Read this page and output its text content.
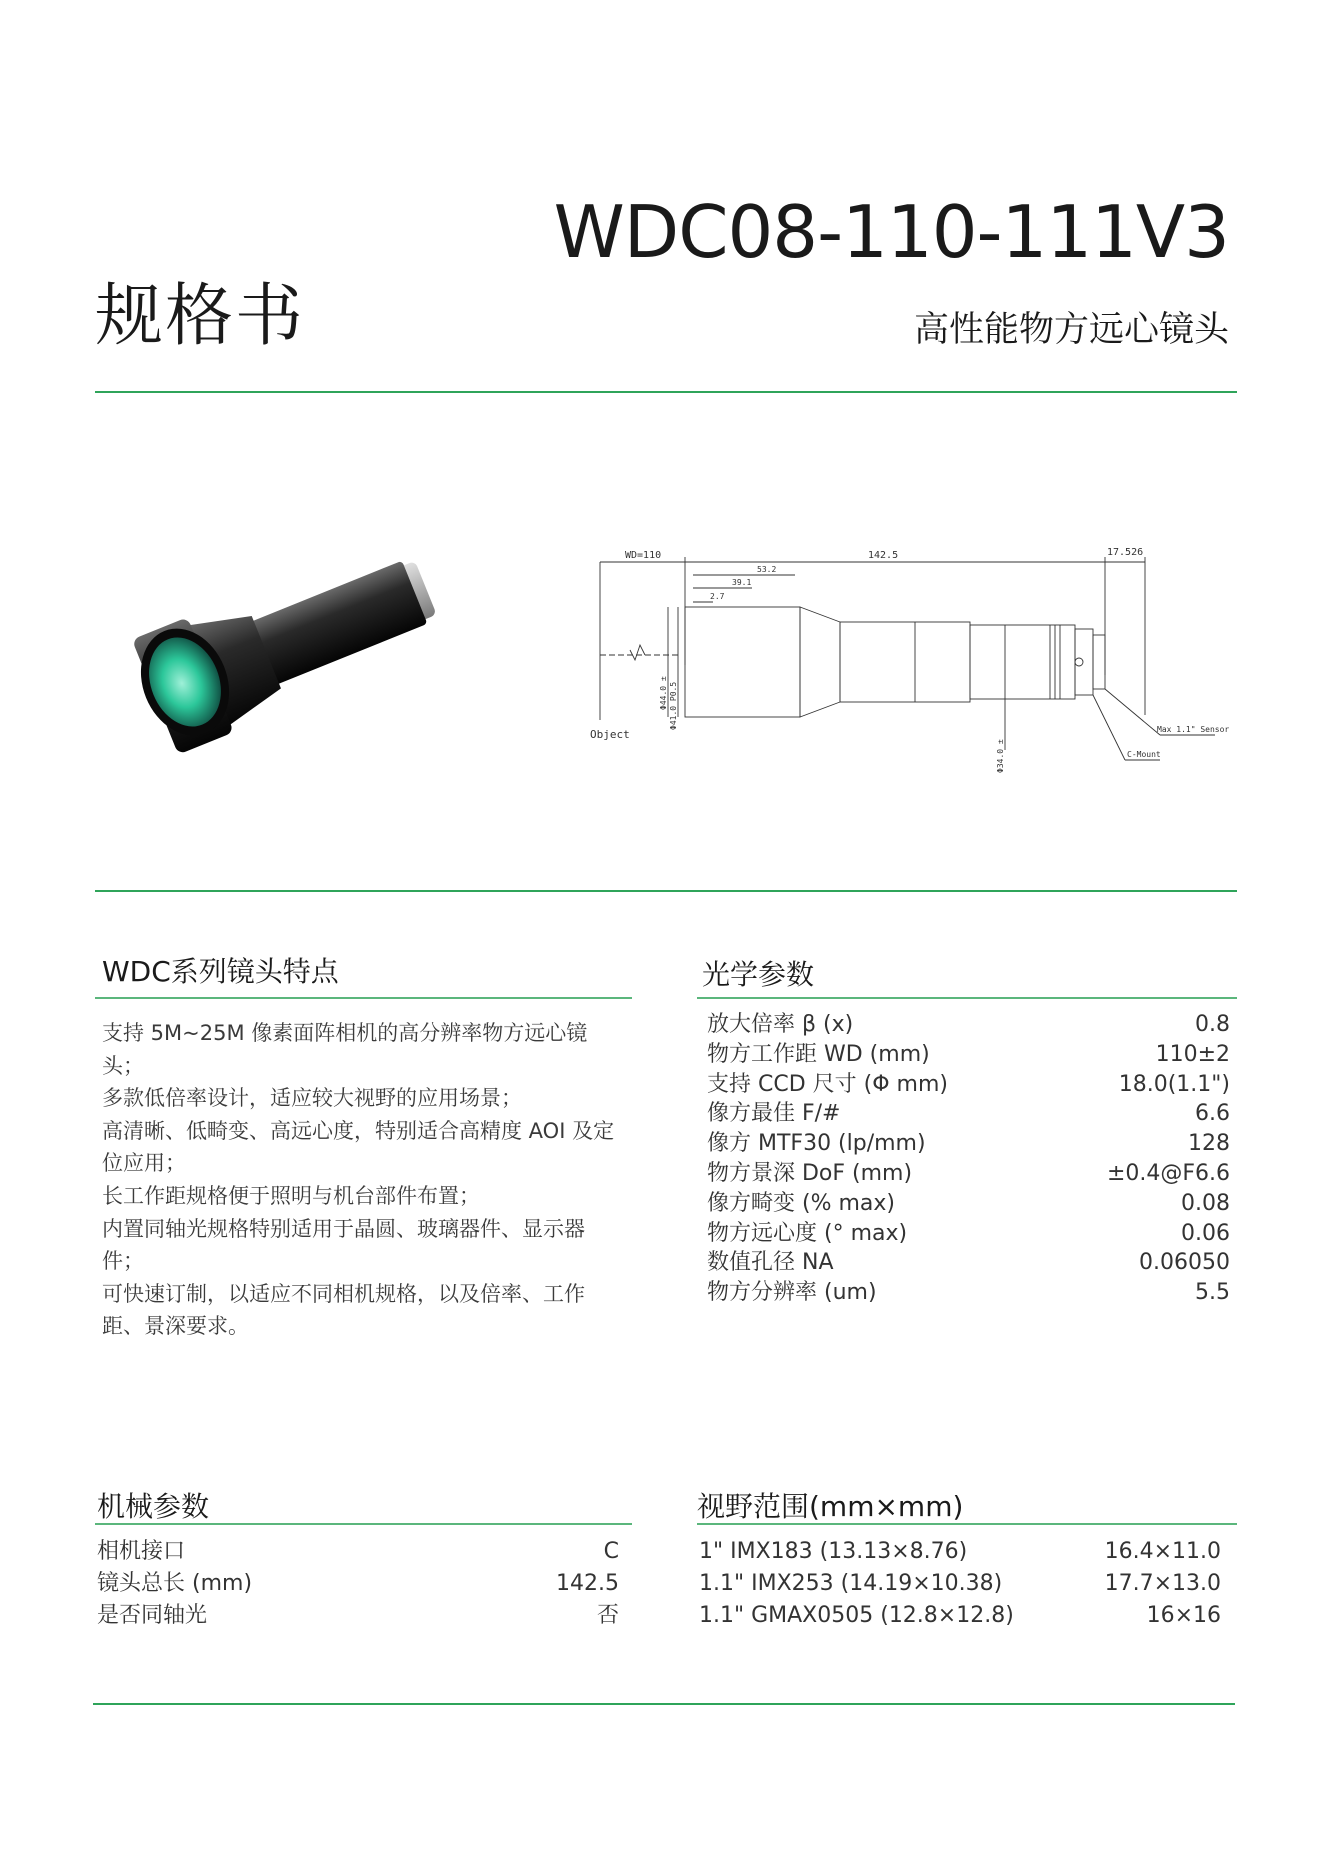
规格书
WDC08-110-111V3
高性能物方远心镜头
WD=110	142.5	17.526
53.2
39.1
2.7
Object	Max 1.1" Sensor
C-Mount
Φ44.0 ± Φ41.0 P0.5
Φ34.0 ±
WDC系列镜头特点
支持 5M~25M 像素面阵相机的高分辨率物方远心镜头；
多款低倍率设计，适应较大视野的应用场景；
高清晰、低畸变、高远心度，特别适合高精度 AOI 及定位应用；
长工作距规格便于照明与机台部件布置；
内置同轴光规格特别适用于晶圆、玻璃器件、显示器件；
可快速订制，以适应不同相机规格，以及倍率、工作距、景深要求。
光学参数
放大倍率 β (x)	0.8
物方工作距 WD (mm)	110±2
支持 CCD 尺寸 (Φ mm)	18.0(1.1")
像方最佳 F/#	6.6
像方 MTF30 (lp/mm)	128
物方景深 DoF (mm)	±0.4@F6.6
像方畸变 (% max)	0.08
物方远心度 (° max)	0.06
数值孔径 NA	0.06050
物方分辨率 (um)	5.5
机械参数
相机接口	C
镜头总长 (mm)	142.5
是否同轴光	否
视野范围(mm×mm)
1" IMX183 (13.13×8.76)	16.4×11.0
1.1" IMX253 (14.19×10.38)	17.7×13.0
1.1" GMAX0505 (12.8×12.8)	16×16
